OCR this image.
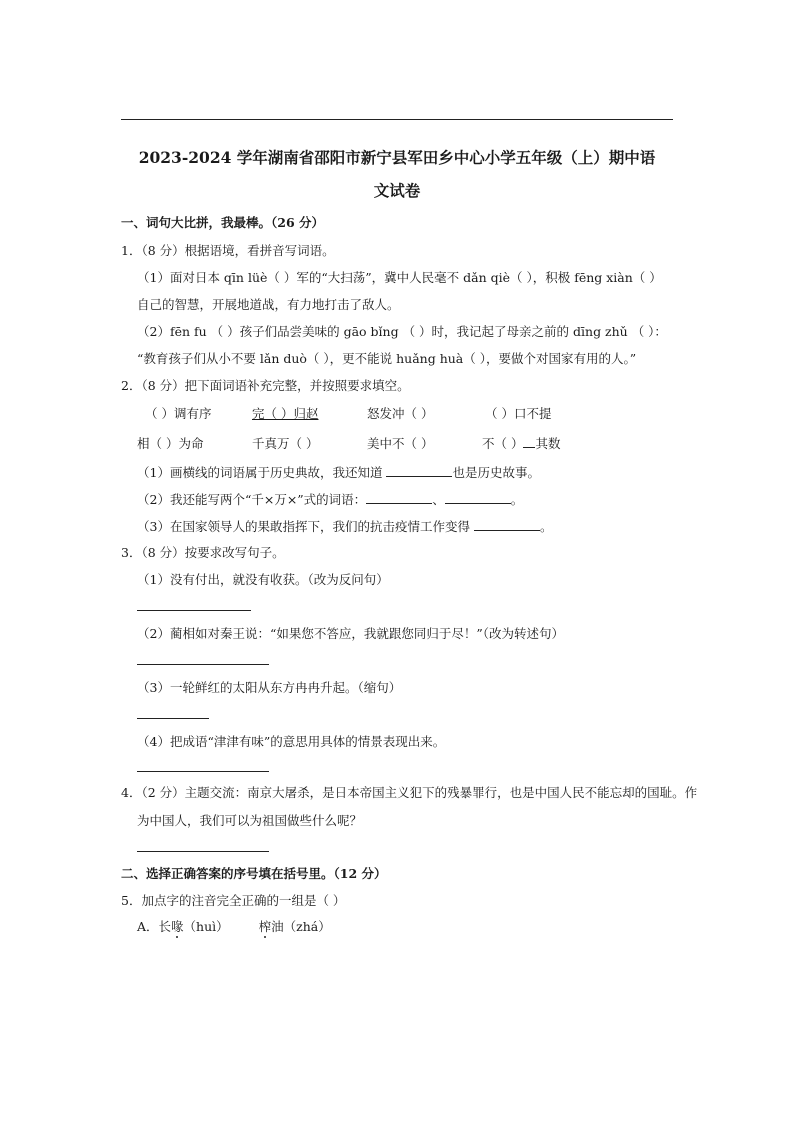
2023-2024 学年湖南省邵阳市新宁县军田乡中心小学五年级（上）期中语
文试卷
一、词句大比拼，我最棒。（26 分）
1．（8 分）根据语境，看拼音写词语。
（1）面对日本 qīn lüè（ ）军的“大扫荡”，冀中人民毫不 dǎn qiè（ ），积极 fēng xiàn（ ）
自己的智慧，开展地道战，有力地打击了敌人。
（2）fēn fu （ ）孩子们品尝美味的 gāo bǐng （ ）时，我记起了母亲之前的 dīng zhǔ （ ）：
“教育孩子们从小不要 lǎn duò（ ），更不能说 huǎng huà（ ），要做个对国家有用的人。”
2．（8 分）把下面词语补充完整，并按照要求填空。
（ ）调有序	完（ ）归赵	怒发冲（ ）	（ ）口不提
相（ ）为命	千真万（ ）	美中不（ ）	不（ ） 其数
（1）画横线的词语属于历史典故，我还知道	也是历史故事。
（2）我还能写两个“千×万×”式的词语：	、	。
（3）在国家领导人的果敢指挥下，我们的抗击疫情工作变得	。
3．（8 分）按要求改写句子。
（1）没有付出，就没有收获。（改为反问句）
（2）蔺相如对秦王说：“如果您不答应，我就跟您同归于尽！”（改为转述句）
（3）一轮鲜红的太阳从东方冉冉升起。（缩句）
（4）把成语“津津有味”的意思用具体的情景表现出来。
4．（2 分）主题交流：南京大屠杀，是日本帝国主义犯下的残暴罪行，也是中国人民不能忘却的国耻。作
为中国人，我们可以为祖国做些什么呢？
二、选择正确答案的序号填在括号里。（12 分）
5．加点字的注音完全正确的一组是（ ）
A．长喙（huì） 榨油（zhá）
